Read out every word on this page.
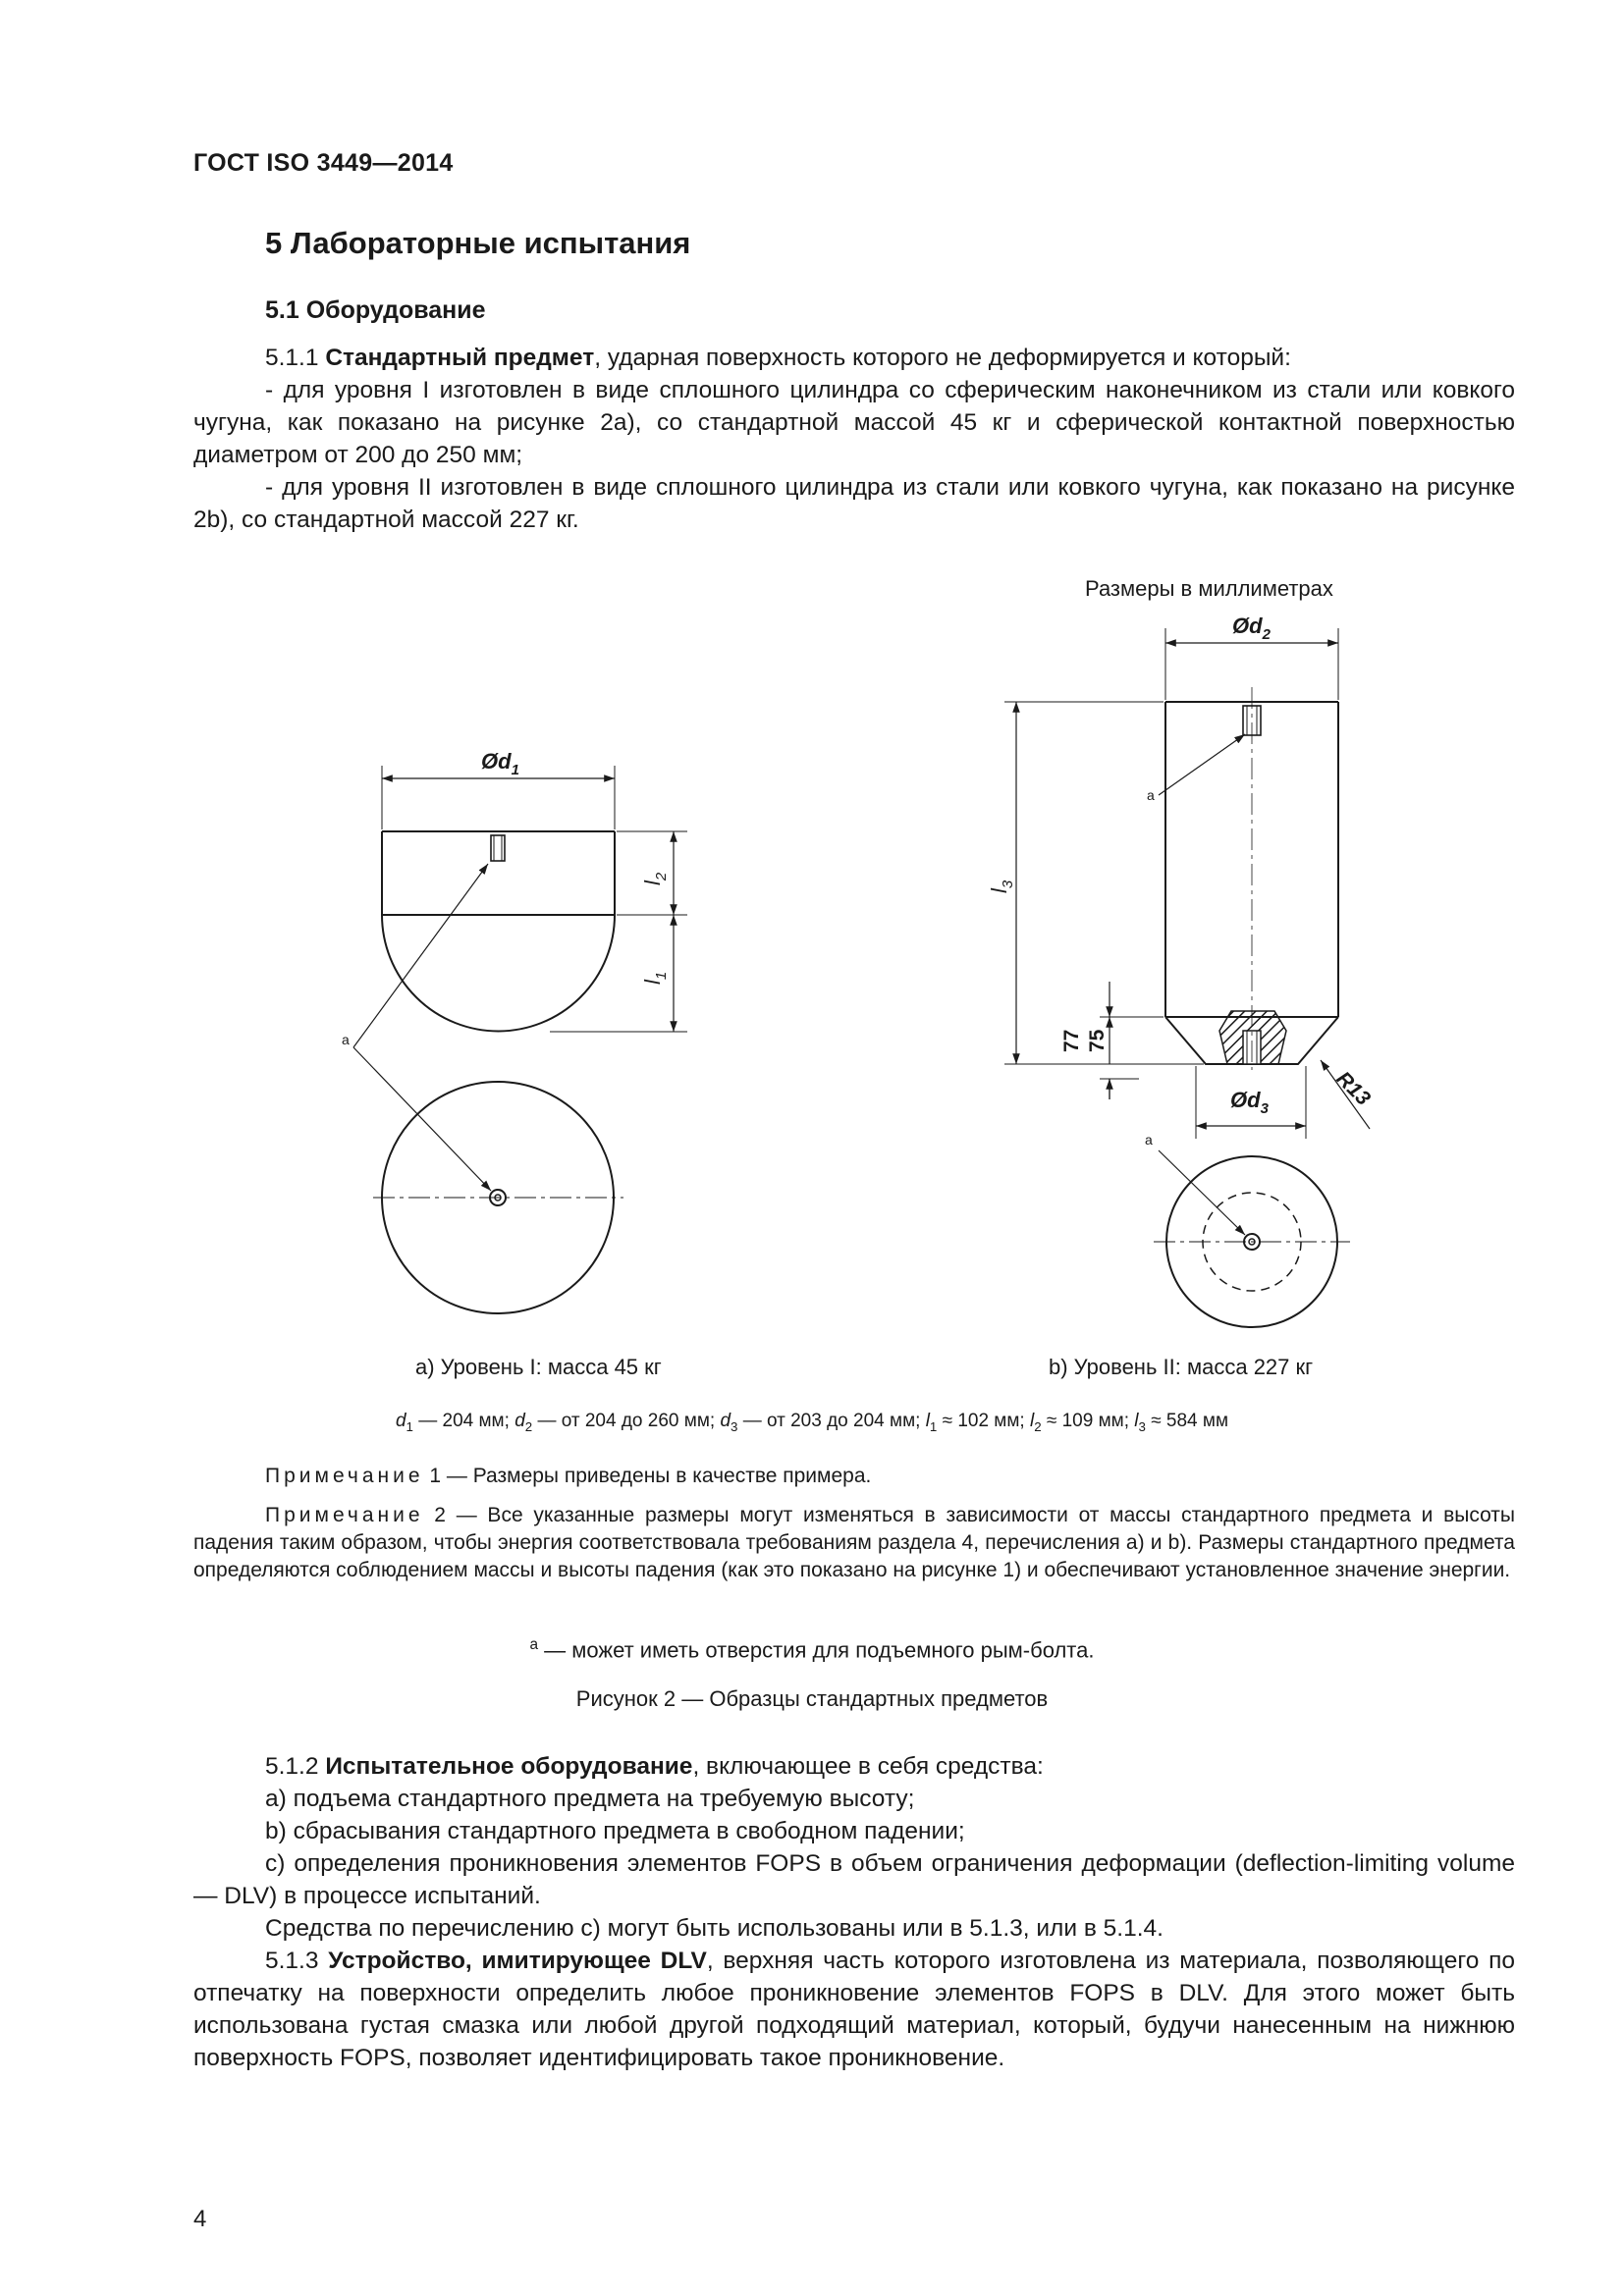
ГОСТ ISO 3449—2014
5 Лабораторные испытания
5.1 Оборудование

5.1.1 Стандартный предмет, ударная поверхность которого не деформируется и который:

- для уровня I изготовлен в виде сплошного цилиндра со сферическим наконечником из стали или ковкого чугуна, как показано на рисунке 2а), со стандартной массой 45 кг и сферической контактной поверхностью диаметром от 200 до 250 мм;

- для уровня II изготовлен в виде сплошного цилиндра из стали или ковкого чугуна, как показано на рисунке 2b), со стандартной массой 227 кг.

Размеры в миллиметрах
$Ød_1$
$Ød_2$
$Ød_3$
$l_2$
$l_1$
$l_3$
77 75
R13
a
a
a
а) Уровень I: масса 45 кг	b) Уровень II: масса 227 кг
$d_1$ — 204 мм; $d_2$ — от 204 до 260 мм; $d_3$ — от 203 до 204 мм; $l_1 \approx 102$ мм; $l_2 \approx 109$ мм; $l_3 \approx 584$ мм

Примечание 1 — Размеры приведены в качестве примера.

Примечание 2 — Все указанные размеры могут изменяться в зависимости от массы стандартного предмета и высоты падения таким образом, чтобы энергия соответствовала требованиям раздела 4, перечисления а) и b). Размеры стандартного предмета определяются соблюдением массы и высоты падения (как это показано на рисунке 1) и обеспечивают установленное значение энергии.

$^a$ — может иметь отверстия для подъемного рым-болта.
Рисунок 2 — Образцы стандартных предметов

5.1.2 Испытательное оборудование, включающее в себя средства:

а) подъема стандартного предмета на требуемую высоту;

b) сбрасывания стандартного предмета в свободном падении;

с) определения проникновения элементов FOPS в объем ограничения деформации (deflection-limiting volume — DLV) в процессе испытаний.

Средства по перечислению с) могут быть использованы или в 5.1.3, или в 5.1.4.

5.1.3 Устройство, имитирующее DLV, верхняя часть которого изготовлена из материала, позволяющего по отпечатку на поверхности определить любое проникновение элементов FOPS в DLV. Для этого может быть использована густая смазка или любой другой подходящий материал, который, будучи нанесенным на нижнюю поверхность FOPS, позволяет идентифицировать такое проникновение.

4
